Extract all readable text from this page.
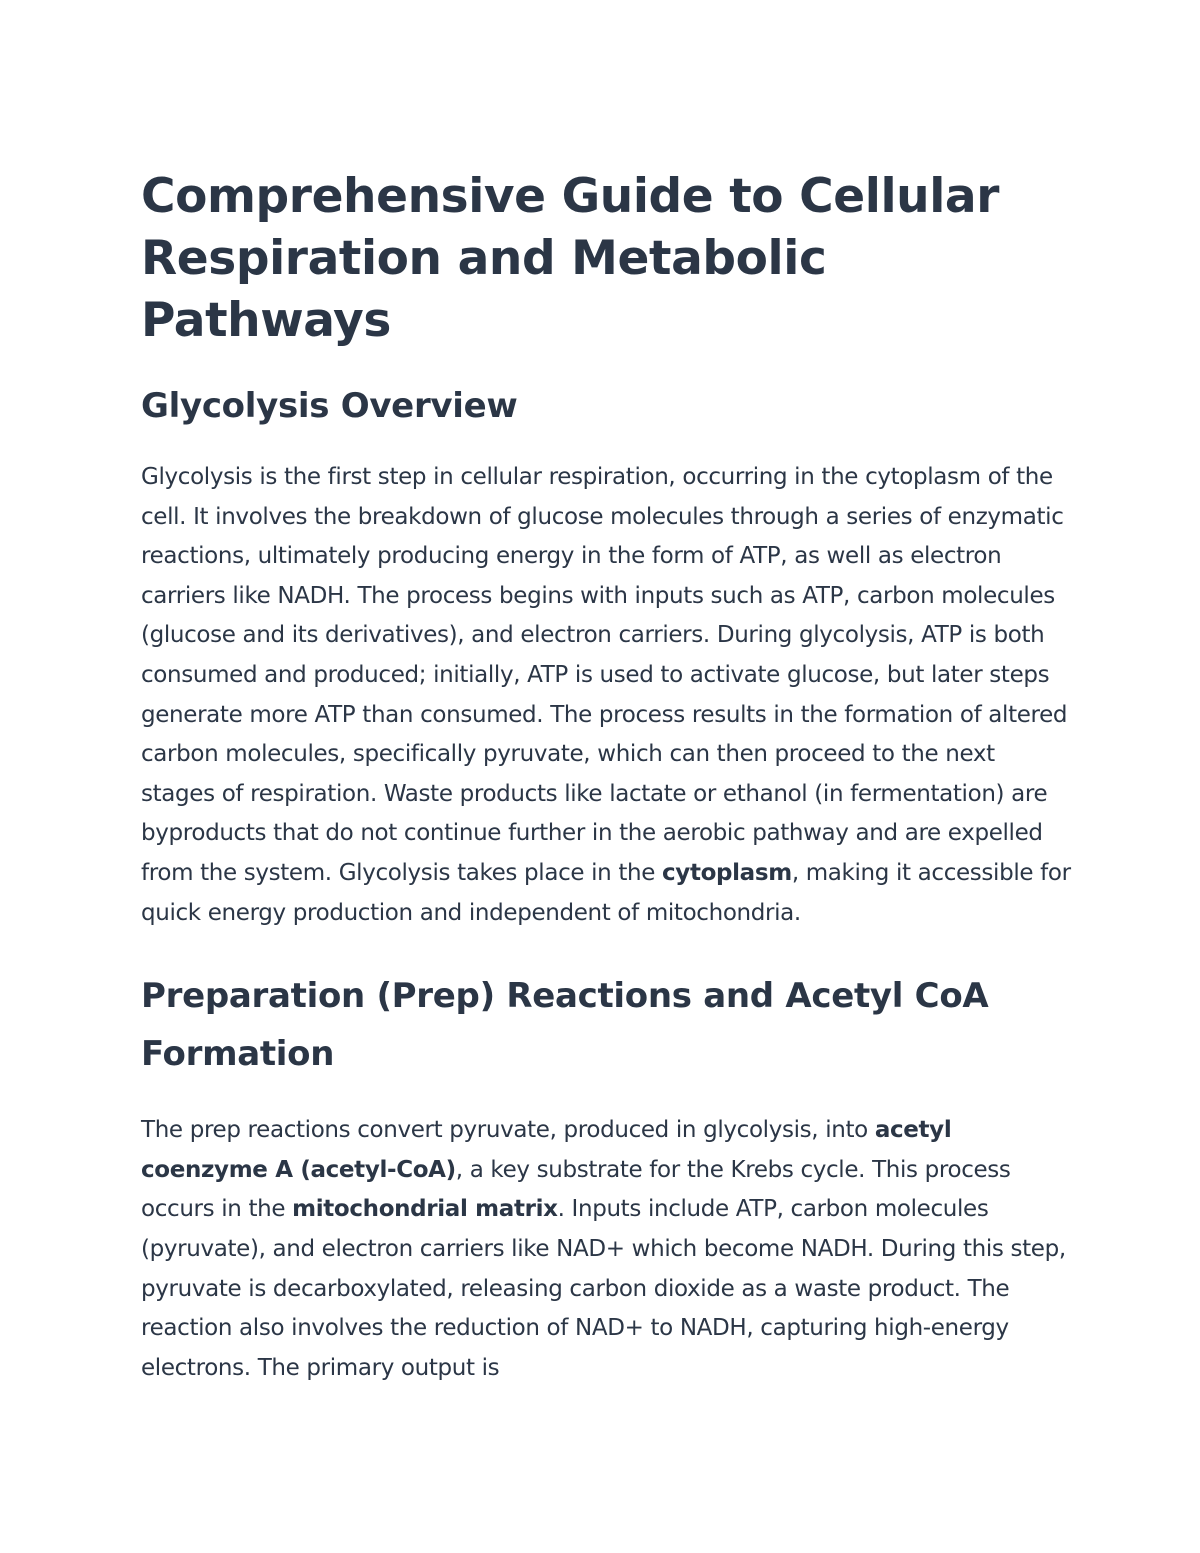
Comprehensive Guide to Cellular Respiration and Metabolic Pathways
Glycolysis Overview

Glycolysis is the first step in cellular respiration, occurring in the cytoplasm of the cell. It involves the breakdown of glucose molecules through a series of enzymatic reactions, ultimately producing energy in the form of ATP, as well as electron carriers like NADH. The process begins with inputs such as ATP, carbon molecules (glucose and its derivatives), and electron carriers. During glycolysis, ATP is both consumed and produced; initially, ATP is used to activate glucose, but later steps generate more ATP than consumed. The process results in the formation of altered carbon molecules, specifically pyruvate, which can then proceed to the next stages of respiration. Waste products like lactate or ethanol (in fermentation) are byproducts that do not continue further in the aerobic pathway and are expelled from the system. Glycolysis takes place in the cytoplasm, making it accessible for quick energy production and independent of mitochondria.

Preparation (Prep) Reactions and Acetyl CoA Formation

The prep reactions convert pyruvate, produced in glycolysis, into acetyl coenzyme A (acetyl-CoA), a key substrate for the Krebs cycle. This process occurs in the mitochondrial matrix. Inputs include ATP, carbon molecules (pyruvate), and electron carriers like NAD+ which become NADH. During this step, pyruvate is decarboxylated, releasing carbon dioxide as a waste product. The reaction also involves the reduction of NAD+ to NADH, capturing high-energy electrons. The primary output is
